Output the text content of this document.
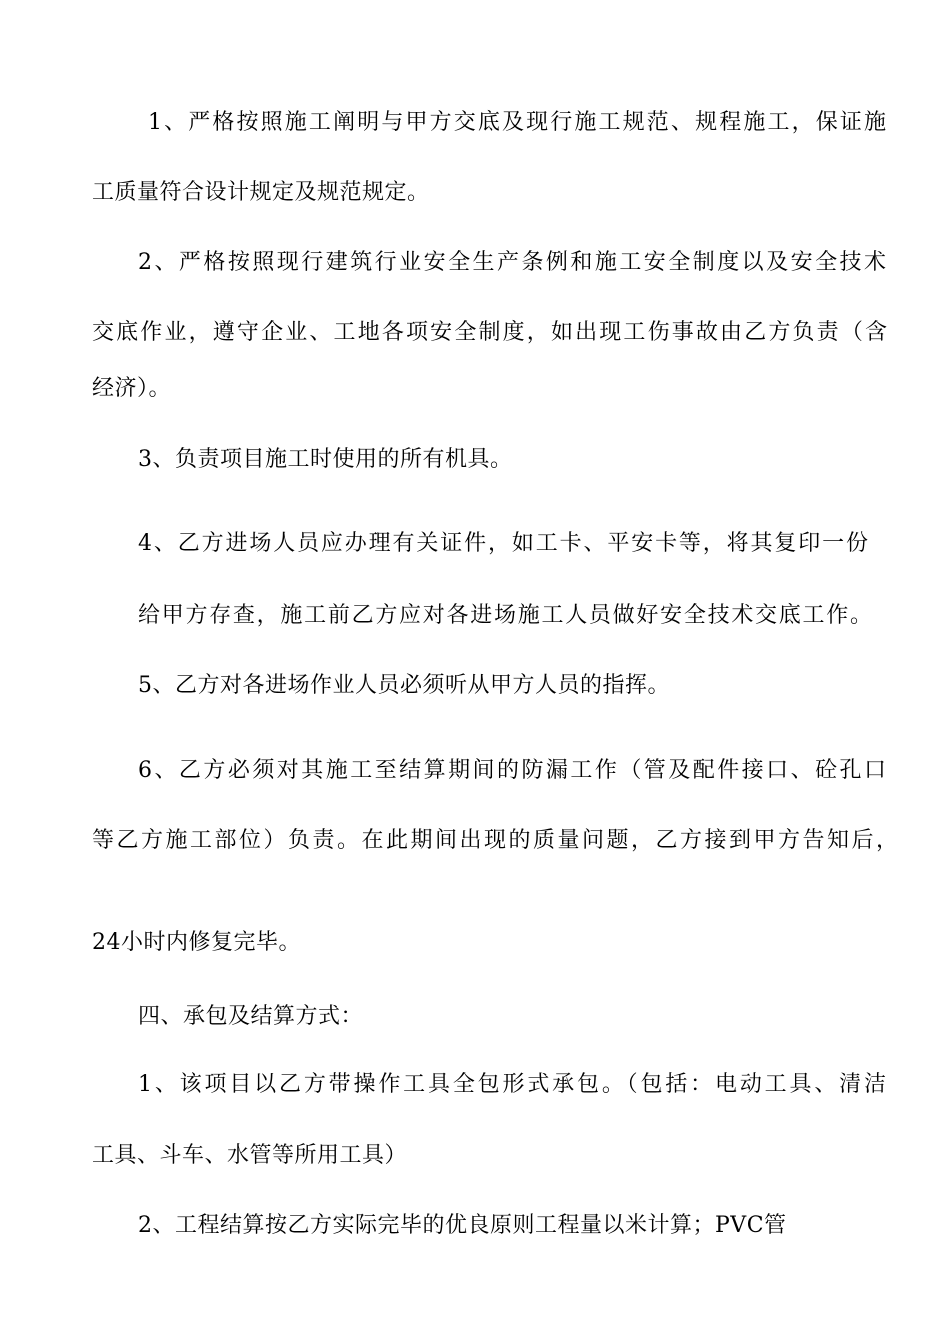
1、严格按照施工阐明与甲方交底及现行施工规范、规程施工，保证施
工质量符合设计规定及规范规定。
2、严格按照现行建筑行业安全生产条例和施工安全制度以及安全技术
交底作业，遵守企业、工地各项安全制度，如出现工伤事故由乙方负责（含
经济）。
3、负责项目施工时使用的所有机具。
4、乙方进场人员应办理有关证件，如工卡、平安卡等，将其复印一份
给甲方存查，施工前乙方应对各进场施工人员做好安全技术交底工作。
5、乙方对各进场作业人员必须听从甲方人员的指挥。
6、乙方必须对其施工至结算期间的防漏工作（管及配件接口、砼孔口
等乙方施工部位）负责。在此期间出现的质量问题，乙方接到甲方告知后，
24小时内修复完毕。
四、承包及结算方式：
1、该项目以乙方带操作工具全包形式承包。（包括：电动工具、清洁
工具、斗车、水管等所用工具）
2、工程结算按乙方实际完毕的优良原则工程量以米计算；PVC管
